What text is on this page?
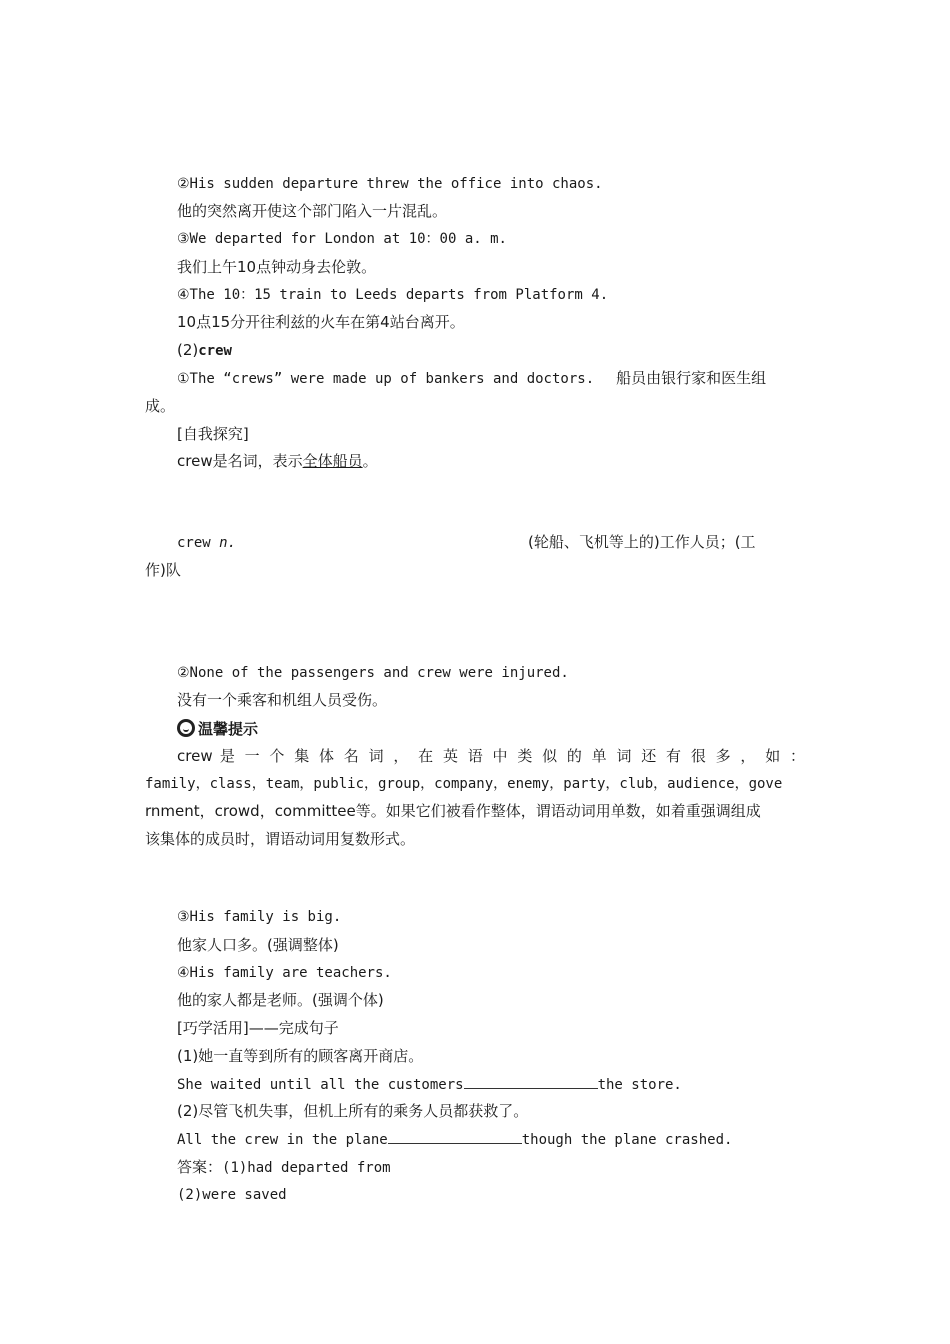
②His sudden departure threw the office into chaos.
他的突然离开使这个部门陷入一片混乱。
③We departed for London at 10：00 a. m.
我们上午10点钟动身去伦敦。
④The 10：15 train to Leeds departs from Platform 4.
10点15分开往利兹的火车在第4站台离开。
(2)crew
①The “crews” were made up of bankers and doctors. 船员由银行家和医生组
成。
[自我探究]
crew是名词，表示全体船员。
crew n.	(轮船、飞机等上的)工作人员；(工
作)队
②None of the passengers and crew were injured.
没有一个乘客和机组人员受伤。
温馨提示
crew 是 一 个 集 体 名 词 ， 在 英 语 中 类 似 的 单 词 还 有 很 多 ， 如 ：
family，class，team，public，group，company，enemy，party，club，audience，gove
rnment，crowd，committee等。如果它们被看作整体，谓语动词用单数，如着重强调组成
该集体的成员时，谓语动词用复数形式。
③His family is big.
他家人口多。(强调整体)
④His family are teachers.
他的家人都是老师。(强调个体)
[巧学活用]——完成句子
(1)她一直等到所有的顾客离开商店。
She waited until all the customers	the store.
(2)尽管飞机失事，但机上所有的乘务人员都获救了。
All the crew in the plane	though the plane crashed.
答案：(1)had departed from
(2)were saved
